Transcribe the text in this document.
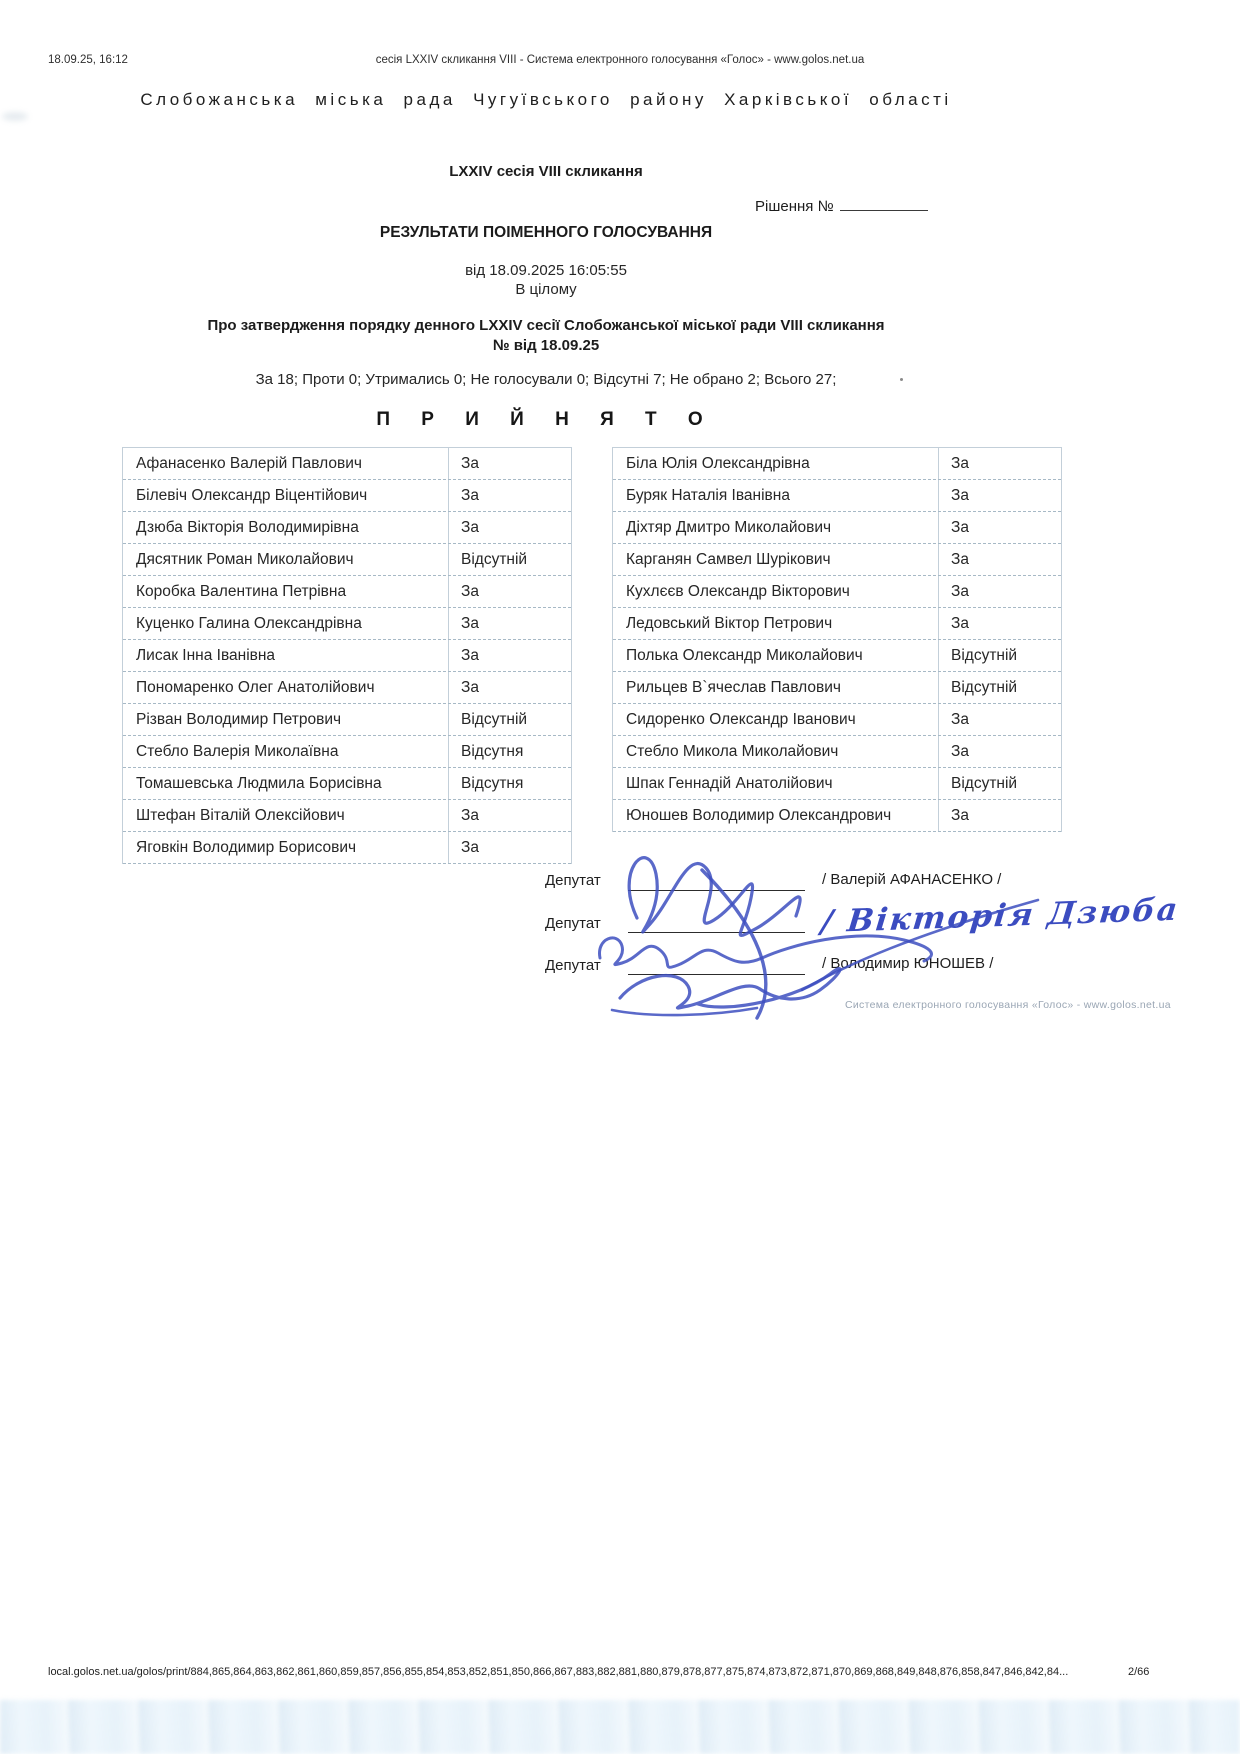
18.09.25, 16:12	сесія LXXIV скликання VIII - Система електронного голосування «Голос» - www.golos.net.ua
Слобожанська міська рада Чугуївського району Харківської області
LXXIV сесія VIII скликання
Рішення №
РЕЗУЛЬТАТИ ПОІМЕННОГО ГОЛОСУВАННЯ
від 18.09.2025 16:05:55
В цілому
Про затвердження порядку денного LXXIV сесії Слобожанської міської ради VIII скликання
№ від 18.09.25
За 18; Проти 0; Утримались 0; Не голосували 0; Відсутні 7; Не обрано 2; Всього 27;
П Р И Й Н Я Т О
Афанасенко Валерій Павлович	За
Білевіч Олександр Віцентійович	За
Дзюба Вікторія Володимирівна	За
Дясятник Роман Миколайович	Відсутній
Коробка Валентина Петрівна	За
Куценко Галина Олександрівна	За
Лисак Інна Іванівна	За
Пономаренко Олег Анатолійович	За
Різван Володимир Петрович	Відсутній
Стебло Валерія Миколаївна	Відсутня
Томашевська Людмила Борисівна	Відсутня
Штефан Віталій Олексійович	За
Яговкін Володимир Борисович	За
Біла Юлія Олександрівна	За
Буряк Наталія Іванівна	За
Діхтяр Дмитро Миколайович	За
Карганян Самвел Шурікович	За
Кухлєєв Олександр Вікторович	За
Ледовський Віктор Петрович	За
Полька Олександр Миколайович	Відсутній
Рильцев В`ячеслав Павлович	Відсутній
Сидоренко Олександр Іванович	За
Стебло Микола Миколайович	За
Шпак Геннадій Анатолійович	Відсутній
Юношев Володимир Олександрович	За
Депутат
Депутат
Депутат
/ Валерій АФАНАСЕНКО /
/ Вікторія Дзюба
/ Володимир ЮНОШЕВ /
Система електронного голосування «Голос» - www.golos.net.ua
local.golos.net.ua/golos/print/884,865,864,863,862,861,860,859,857,856,855,854,853,852,851,850,866,867,883,882,881,880,879,878,877,875,874,873,872,871,870,869,868,849,848,876,858,847,846,842,84...	2/66
